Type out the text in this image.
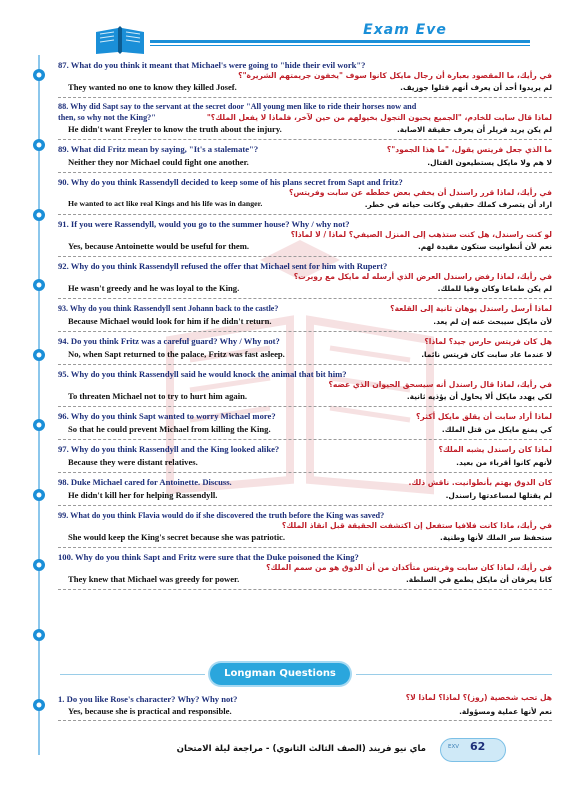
Exam Eve
87. What do you think it meant that Michael's were going to "hide their evil work"?
في رأيك، ما المقصود بعبارة أن رجال مايكل كانوا سوف "يخفون جريمتهم الشريرة"؟
They wanted no one to know they killed Josef.	لم يريدوا أحد أن يعرف أنهم قتلوا جوزيف.
88. Why did Sapt say to the servant at the secret door "All young men like to ride their horses now and
then, so why not the King?"	لماذا قال سابت للخادم، "الجميع يحبون التجول بخيولهم من حين لآخر، فلماذا لا يفعل الملك؟"
He didn't want Freyler to know the truth about the injury.	لم يكن يريد فريلر أن يعرف حقيقة الاصابة.
89. What did Fritz mean by saying, "It's a stalemate"?	ما الذي جعل فريتس يقول، "ما هذا الجمود"؟
Neither they nor Michael could fight one another.	لا هم ولا مايكل يستطيعون القتال.
90. Why do you think Rassendyll decided to keep some of his plans secret from Sapt and fritz?
في رأيك، لماذا قرر راسندل أن يخفي بعض خططه عن سابت وفريتس؟
He wanted to act like real Kings and his life was in danger.	اراد أن يتصرف كملك حقيقي وكانت حياته في خطر.
91. If you were Rassendyll, would you go to the summer house? Why / why not?
لو كنت راسندل، هل كنت ستذهب إلى المنزل الصيفي؟ لماذا / لا لماذا؟
Yes, because Antoinette would be useful for them.	نعم لأن أنطوانيت ستكون مفيدة لهم.
92. Why do you think Rassendyll refused the offer that Michael sent for him with Rupert?
في رأيك، لماذا رفض راسندل العرض الذي أرسله له مايكل مع روبرت؟
He wasn't greedy and he was loyal to the King.	لم يكن طماعا وكان وفيا للملك.
93. Why do you think Rassendyll sent Johann back to the castle?	لماذا أرسل راسندل يوهان ثانية إلى القلعة؟
Because Michael would look for him if he didn't return.	لأن مايكل سيبحث عنه إن لم يعد.
94. Do you think Fritz was a careful guard? Why / Why not?	هل كان فريتس حارس جيد؟ لماذا؟
No, when Sapt returned to the palace, Fritz was fast asleep.	لا عندما عاد سابت كان فريتس نائما.
95. Why do you think Rassendyll said he would knock the animal that bit him?
في رأيك، لماذا قال راسندل أنه سيسحق الحيوان الذي عضه؟
To threaten Michael not to try to hurt him again.	لكي يهدد مايكل ألا يحاول أن يؤذيه ثانية.
96. Why do you think Sapt wanted to worry Michael more?	لماذا أراد سابت أن يقلق مايكل أكثر؟
So that he could prevent Michael from killing the King.	كي يمنع مايكل من قتل الملك.
97. Why do you think Rassendyll and the King looked alike?	لماذا كان راسندل يشبه الملك؟
Because they were distant relatives.	لأنهم كانوا أقرباء من بعيد.
98. Duke Michael cared for Antoinette. Discuss.	كان الدوق يهتم بأنطوانيت. ناقش ذلك.
He didn't kill her for helping Rassendyll.	لم يقتلها لمساعدتها راسندل.
99. What do you think Flavia would do if she discovered the truth before the King was saved?
في رأيك، ماذا كانت فلافيا ستفعل إن اكتشفت الحقيقة قبل انقاذ الملك؟
She would keep the King's secret because she was patriotic.	ستحفظ سر الملك لأنها وطنية.
100. Why do you think Sapt and Fritz were sure that the Duke poisoned the King?
في رأيك، لماذا كان سابت وفريتس متأكدان من أن الدوق هو من سمم الملك؟
They knew that Michael was greedy for power.	كانا يعرفان أن مايكل يطمع في السلطة.
Longman Questions
1. Do you like Rose's character? Why? Why not?	هل تحب شخصية (روز)؟ لماذا؟ لماذا لا؟
Yes, because she is practical and responsible.	نعم لأنها عملية ومسؤولة.
ماي نيو فريند (الصف الثالث الثانوي) - مراجعة ليلة الامتحان	EXV 62
